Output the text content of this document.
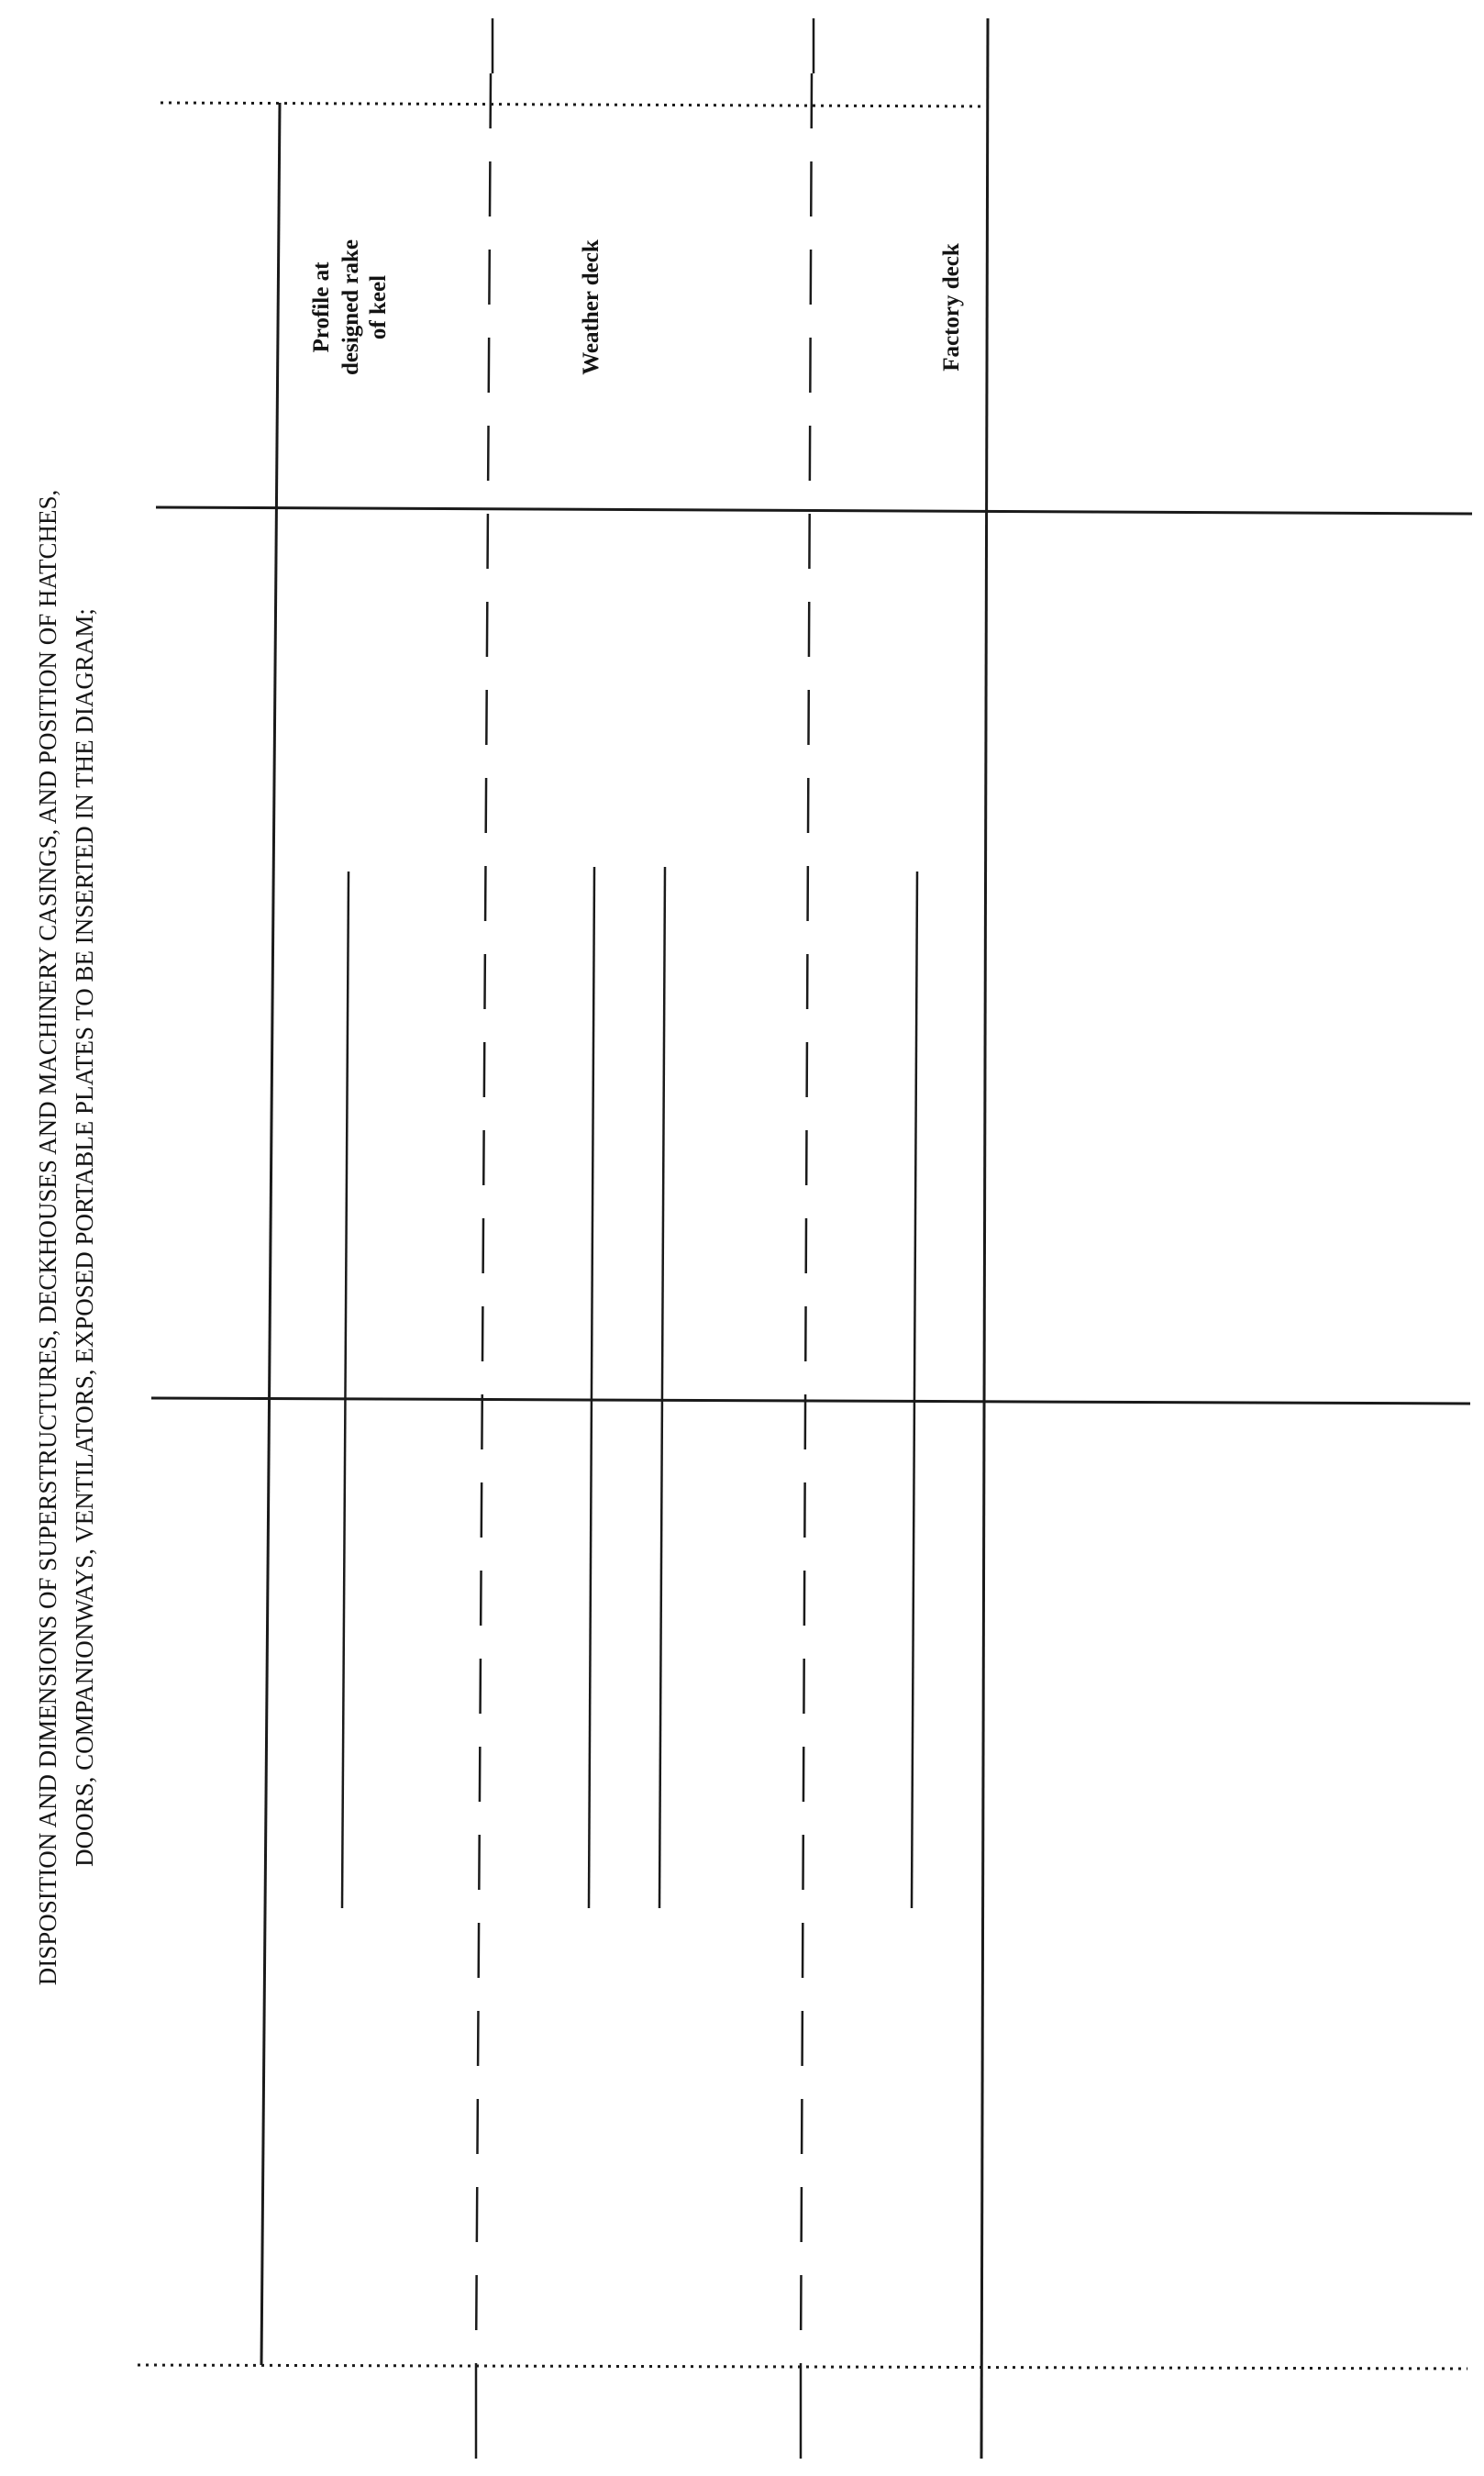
DISPOSITION AND DIMENSIONS OF SUPERSTRUCTURES, DECKHOUSES AND MACHINERY CASINGS, AND POSITION OF HATCHES, DOORS, COMPANIONWAYS, VENTILATORS, EXPOSED PORTABLE PLATES TO BE INSERTED IN THE DIAGRAM;
Profile at designed rake of keel	Weather deck	Factory deck
